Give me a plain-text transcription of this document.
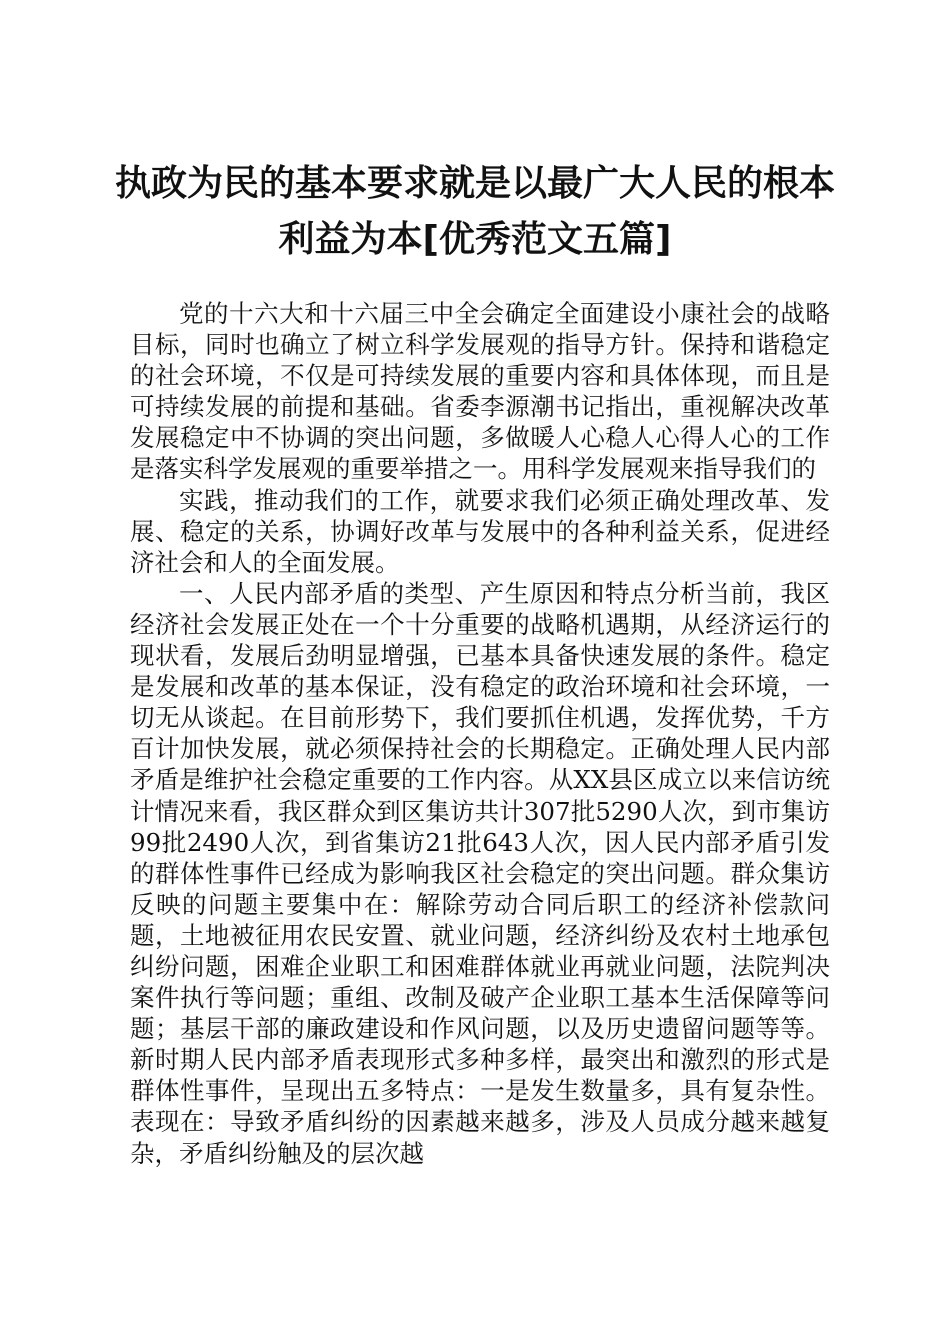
执政为民的基本要求就是以最广大人民的根本
利益为本[优秀范文五篇]

党的十六大和十六届三中全会确定全面建设小康社会的战略目标，同时也确立了树立科学发展观的指导方针。保持和谐稳定的社会环境，不仅是可持续发展的重要内容和具体体现，而且是可持续发展的前提和基础。省委李源潮书记指出，重视解决改革发展稳定中不协调的突出问题，多做暖人心稳人心得人心的工作是落实科学发展观的重要举措之一。用科学发展观来指导我们的

实践，推动我们的工作，就要求我们必须正确处理改革、发展、稳定的关系，协调好改革与发展中的各种利益关系，促进经济社会和人的全面发展。

一、人民内部矛盾的类型、产生原因和特点分析当前，我区经济社会发展正处在一个十分重要的战略机遇期，从经济运行的现状看，发展后劲明显增强，已基本具备快速发展的条件。稳定是发展和改革的基本保证，没有稳定的政治环境和社会环境，一切无从谈起。在目前形势下，我们要抓住机遇，发挥优势，千方百计加快发展，就必须保持社会的长期稳定。正确处理人民内部矛盾是维护社会稳定重要的工作内容。从XX县区成立以来信访统计情况来看，我区群众到区集访共计307批5290人次，到市集访99批2490人次，到省集访21批643人次，因人民内部矛盾引发的群体性事件已经成为影响我区社会稳定的突出问题。群众集访反映的问题主要集中在：解除劳动合同后职工的经济补偿款问题，土地被征用农民安置、就业问题，经济纠纷及农村土地承包纠纷问题，困难企业职工和困难群体就业再就业问题，法院判决案件执行等问题；重组、改制及破产企业职工基本生活保障等问题；基层干部的廉政建设和作风问题，以及历史遗留问题等等。新时期人民内部矛盾表现形式多种多样，最突出和激烈的形式是群体性事件，呈现出五多特点：一是发生数量多，具有复杂性。表现在：导致矛盾纠纷的因素越来越多，涉及人员成分越来越复杂，矛盾纠纷触及的层次越
